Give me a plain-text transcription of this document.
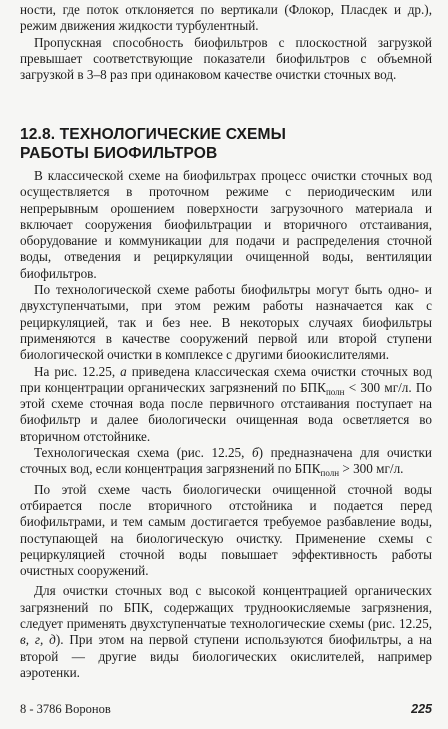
ности, где поток отклоняется по вертикали (Флокор, Пласдек и др.), режим движения жидкости турбулентный.

Пропускная способность биофильтров с плоскостной загрузкой превышает соответствующие показатели биофильтров с объемной загрузкой в 3–8 раз при одинаковом качестве очистки сточных вод.

12.8. ТЕХНОЛОГИЧЕСКИЕ СХЕМЫ
РАБОТЫ БИОФИЛЬТРОВ

В классической схеме на биофильтрах процесс очистки сточных вод осуществляется в проточном режиме с периодическим или непрерывным орошением поверхности загрузочного материала и включает сооружения биофильтрации и вторичного отстаивания, оборудование и коммуникации для подачи и распределения сточной воды, отведения и рециркуляции очищенной воды, вентиляции биофильтров.

По технологической схеме работы биофильтры могут быть одно- и двухступенчатыми, при этом режим работы назначается как с рециркуляцией, так и без нее. В некоторых случаях биофильтры применяются в качестве сооружений первой или второй ступени биологической очистки в комплексе с другими биоокислителями.

На рис. 12.25, а приведена классическая схема очистки сточных вод при концентрации органических загрязнений по $БПК_{полн} < 300$ мг/л. По этой схеме сточная вода после первичного отстаивания поступает на биофильтр и далее биологически очищенная вода осветляется во вторичном отстойнике.

Технологическая схема (рис. 12.25, б) предназначена для очистки сточных вод, если концентрация загрязнений по $БПК_{полн} > 300$ мг/л.

По этой схеме часть биологически очищенной сточной воды отбирается после вторичного отстойника и подается перед биофильтрами, и тем самым достигается требуемое разбавление воды, поступающей на биологическую очистку. Применение схемы с рециркуляцией сточной воды повышает эффективность работы очистных сооружений.

Для очистки сточных вод с высокой концентрацией органических загрязнений по БПК, содержащих трудноокисляемые загрязнения, следует применять двухступенчатые технологические схемы (рис. 12.25, в, г, д). При этом на первой ступени используются биофильтры, а на второй — другие виды биологических окислителей, например аэротенки.

8 - 3786 Воронов	225
